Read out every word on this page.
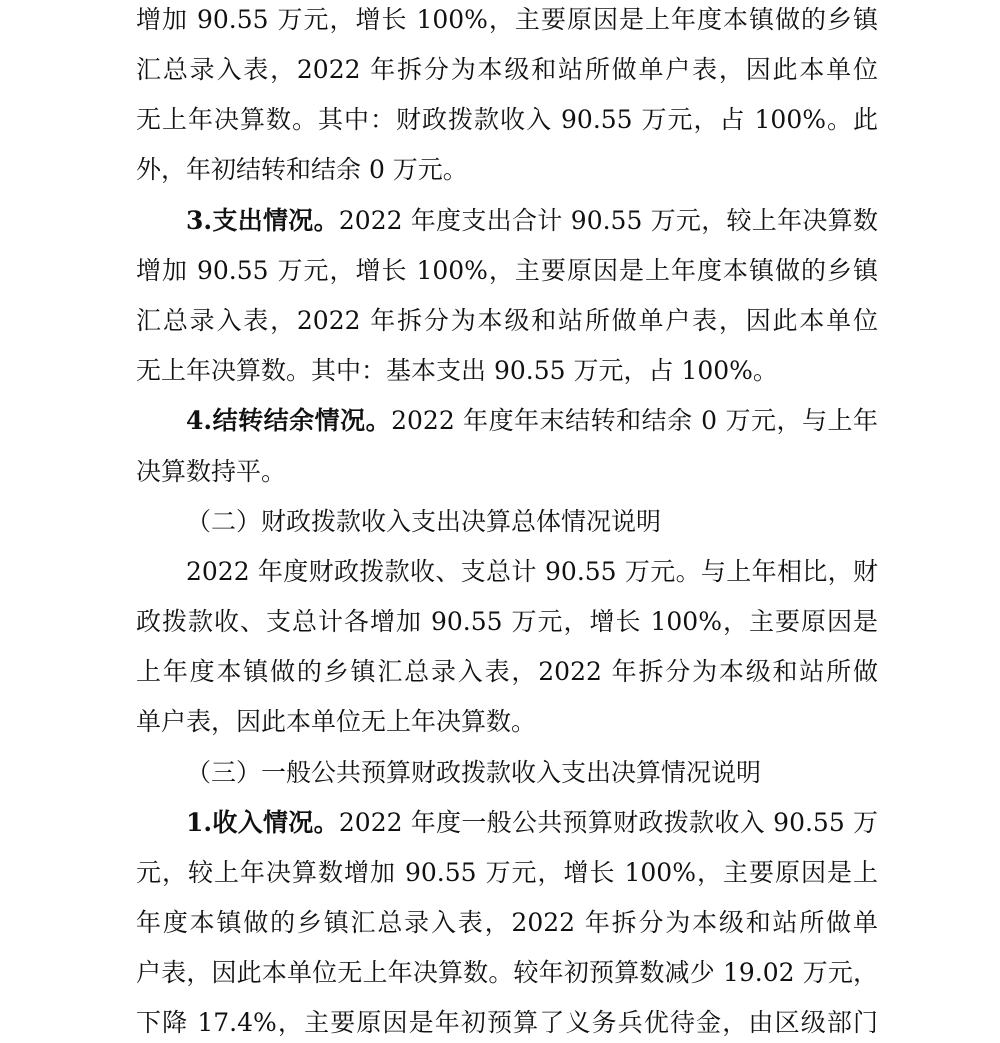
增加 90.55 万元，增长 100%，主要原因是上年度本镇做的乡镇
汇总录入表，2022 年拆分为本级和站所做单户表，因此本单位
无上年决算数。其中：财政拨款收入 90.55 万元，占 100%。此
外，年初结转和结余 0 万元。
3.支出情况。2022 年度支出合计 90.55 万元，较上年决算数
增加 90.55 万元，增长 100%，主要原因是上年度本镇做的乡镇
汇总录入表，2022 年拆分为本级和站所做单户表，因此本单位
无上年决算数。其中：基本支出 90.55 万元，占 100%。
4.结转结余情况。2022 年度年末结转和结余 0 万元，与上年
决算数持平。
（二）财政拨款收入支出决算总体情况说明
2022 年度财政拨款收、支总计 90.55 万元。与上年相比，财
政拨款收、支总计各增加 90.55 万元，增长 100%，主要原因是
上年度本镇做的乡镇汇总录入表，2022 年拆分为本级和站所做
单户表，因此本单位无上年决算数。
（三）一般公共预算财政拨款收入支出决算情况说明
1.收入情况。2022 年度一般公共预算财政拨款收入 90.55 万
元，较上年决算数增加 90.55 万元，增长 100%，主要原因是上
年度本镇做的乡镇汇总录入表，2022 年拆分为本级和站所做单
户表，因此本单位无上年决算数。较年初预算数减少 19.02 万元，
下降 17.4%，主要原因是年初预算了义务兵优待金，由区级部门
